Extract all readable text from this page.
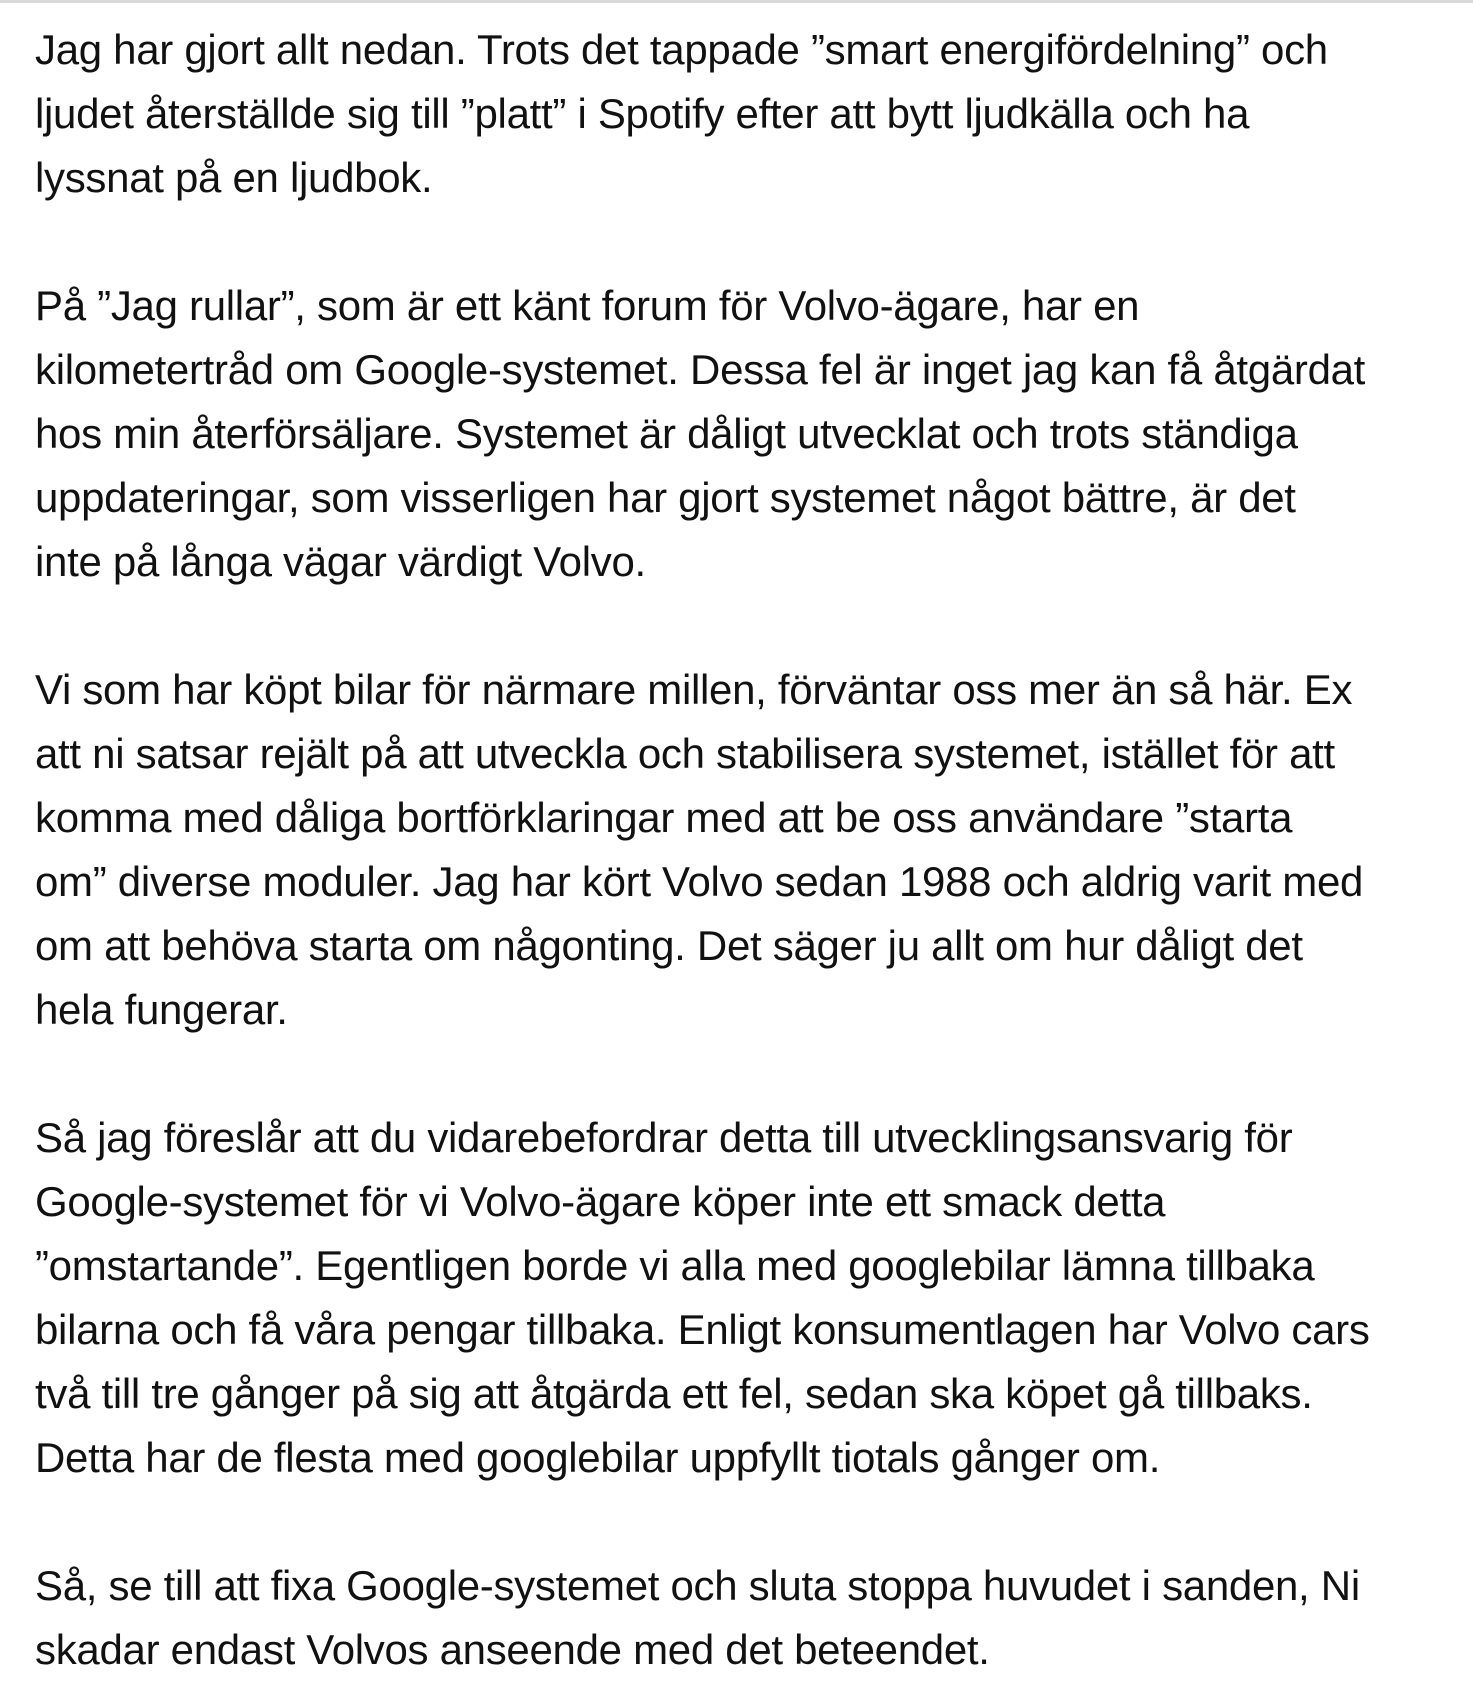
Jag har gjort allt nedan. Trots det tappade ”smart energifördelning” och
ljudet återställde sig till ”platt” i Spotify efter att bytt ljudkälla och ha
lyssnat på en ljudbok.

På ”Jag rullar”, som är ett känt forum för Volvo-ägare, har en
kilometertråd om Google-systemet. Dessa fel är inget jag kan få åtgärdat
hos min återförsäljare. Systemet är dåligt utvecklat och trots ständiga
uppdateringar, som visserligen har gjort systemet något bättre, är det
inte på långa vägar värdigt Volvo.

Vi som har köpt bilar för närmare millen, förväntar oss mer än så här. Ex
att ni satsar rejält på att utveckla och stabilisera systemet, istället för att
komma med dåliga bortförklaringar med att be oss användare ”starta
om” diverse moduler. Jag har kört Volvo sedan 1988 och aldrig varit med
om att behöva starta om någonting. Det säger ju allt om hur dåligt det
hela fungerar.

Så jag föreslår att du vidarebefordrar detta till utvecklingsansvarig för
Google-systemet för vi Volvo-ägare köper inte ett smack detta
”omstartande”. Egentligen borde vi alla med googlebilar lämna tillbaka
bilarna och få våra pengar tillbaka. Enligt konsumentlagen har Volvo cars
två till tre gånger på sig att åtgärda ett fel, sedan ska köpet gå tillbaks.
Detta har de flesta med googlebilar uppfyllt tiotals gånger om.

Så, se till att fixa Google-systemet och sluta stoppa huvudet i sanden, Ni
skadar endast Volvos anseende med det beteendet.
